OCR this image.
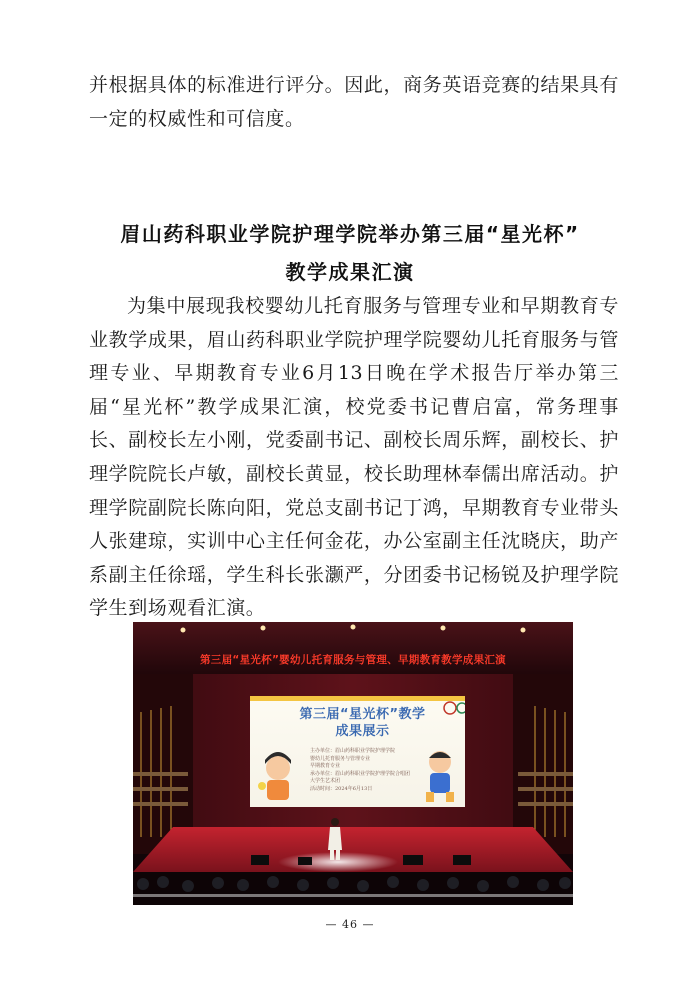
并根据具体的标准进行评分。因此，商务英语竞赛的结果具有一定的权威性和可信度。

眉山药科职业学院护理学院举办第三届“星光杯”
教学成果汇演

为集中展现我校婴幼儿托育服务与管理专业和早期教育专业教学成果，眉山药科职业学院护理学院婴幼儿托育服务与管理专业、早期教育专业6月13日晚在学术报告厅举办第三届“星光杯”教学成果汇演，校党委书记曹启富，常务理事长、副校长左小刚，党委副书记、副校长周乐辉，副校长、护理学院院长卢敏，副校长黄显，校长助理林奉儒出席活动。护理学院副院长陈向阳，党总支副书记丁鸿，早期教育专业带头人张建琼，实训中心主任何金花，办公室副主任沈晓庆，助产系副主任徐瑶，学生科长张灏严，分团委书记杨锐及护理学院学生到场观看汇演。

第三届“星光杯”婴幼儿托育服务与管理、早期教育教学成果汇演
第三届“星光杯”教学
成果展示
主办单位：眉山药科职业学院护理学院
婴幼儿托育服务与管理专业
早期教育专业
承办单位：眉山药科职业学院护理学院合唱团
大学生艺术团
活动时间：2024年6月13日
— 46 —
